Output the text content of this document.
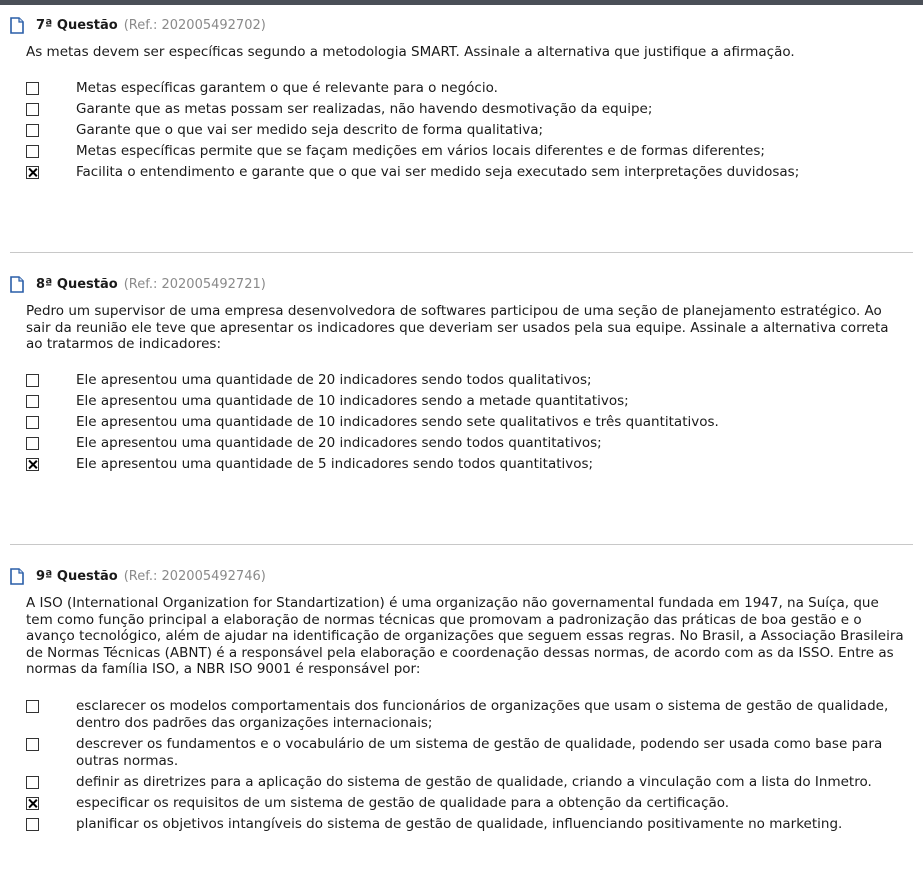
7ª Questão (Ref.: 202005492702)
As metas devem ser específicas segundo a metodologia SMART. Assinale a alternativa que justifique a afirmação.
Metas específicas garantem o que é relevante para o negócio.
Garante que as metas possam ser realizadas, não havendo desmotivação da equipe;
Garante que o que vai ser medido seja descrito de forma qualitativa;
Metas específicas permite que se façam medições em vários locais diferentes e de formas diferentes;
Facilita o entendimento e garante que o que vai ser medido seja executado sem interpretações duvidosas;
8ª Questão (Ref.: 202005492721)
Pedro um supervisor de uma empresa desenvolvedora de softwares participou de uma seção de planejamento estratégico. Ao sair da reunião ele teve que apresentar os indicadores que deveriam ser usados pela sua equipe. Assinale a alternativa correta ao tratarmos de indicadores:
Ele apresentou uma quantidade de 20 indicadores sendo todos qualitativos;
Ele apresentou uma quantidade de 10 indicadores sendo a metade quantitativos;
Ele apresentou uma quantidade de 10 indicadores sendo sete qualitativos e três quantitativos.
Ele apresentou uma quantidade de 20 indicadores sendo todos quantitativos;
Ele apresentou uma quantidade de 5 indicadores sendo todos quantitativos;
9ª Questão (Ref.: 202005492746)
A ISO (International Organization for Standartization) é uma organização não governamental fundada em 1947, na Suíça, que tem como função principal a elaboração de normas técnicas que promovam a padronização das práticas de boa gestão e o avanço tecnológico, além de ajudar na identificação de organizações que seguem essas regras. No Brasil, a Associação Brasileira de Normas Técnicas (ABNT) é a responsável pela elaboração e coordenação dessas normas, de acordo com as da ISSO. Entre as normas da família ISO, a NBR ISO 9001 é responsável por:
esclarecer os modelos comportamentais dos funcionários de organizações que usam o sistema de gestão de qualidade, dentro dos padrões das organizações internacionais;
descrever os fundamentos e o vocabulário de um sistema de gestão de qualidade, podendo ser usada como base para outras normas.
definir as diretrizes para a aplicação do sistema de gestão de qualidade, criando a vinculação com a lista do Inmetro.
especificar os requisitos de um sistema de gestão de qualidade para a obtenção da certificação.
planificar os objetivos intangíveis do sistema de gestão de qualidade, influenciando positivamente no marketing.
